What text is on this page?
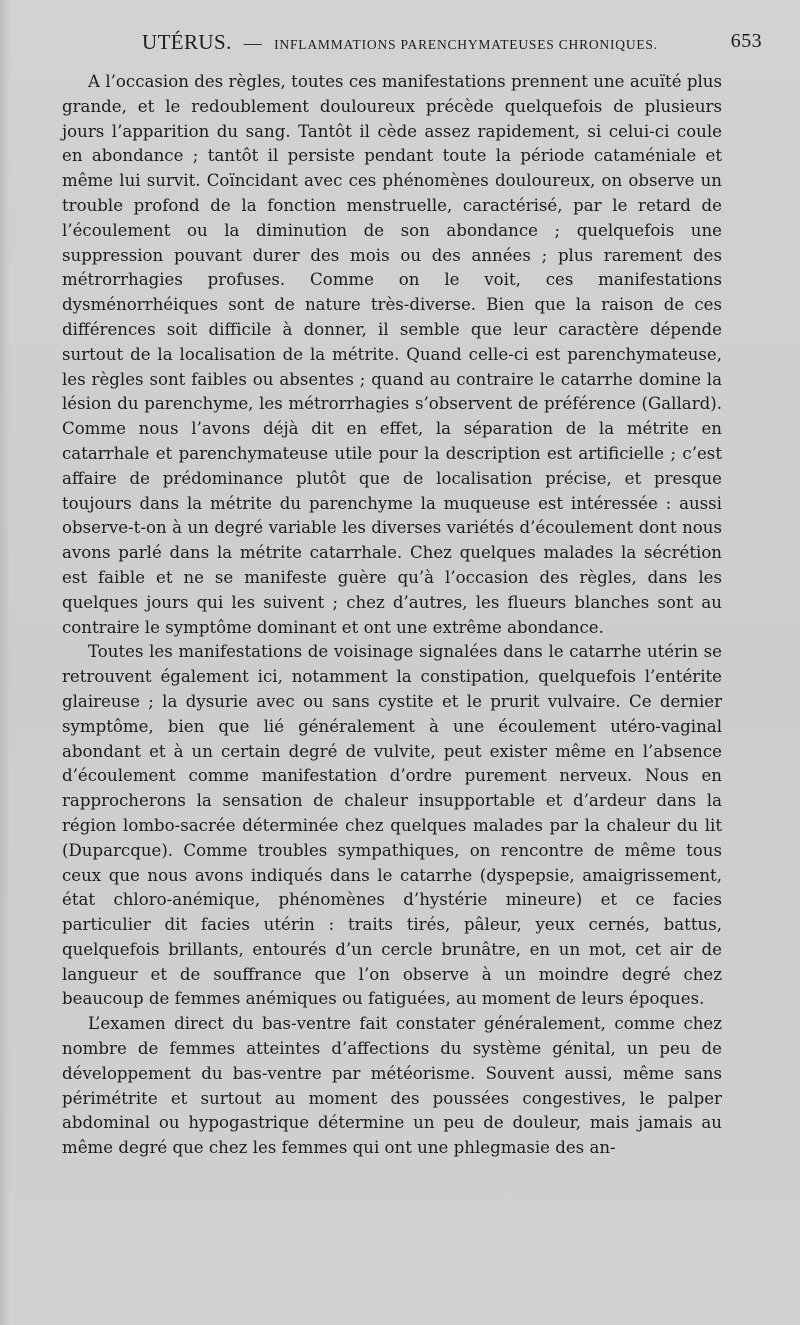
UTÉRUS. — INFLAMMATIONS PARENCHYMATEUSES CHRONIQUES.	653

A l’occasion des règles, toutes ces manifestations prennent une acuïté plus grande, et le redoublement douloureux précède quelquefois de plusieurs jours l’apparition du sang. Tantôt il cède assez rapidement, si celui-ci coule en abondance ; tantôt il persiste pendant toute la période cataméniale et même lui survit. Coïncidant avec ces phénomènes douloureux, on observe un trouble profond de la fonction menstruelle, caractérisé, par le retard de l’écoulement ou la diminution de son abondance ; quelquefois une suppression pouvant durer des mois ou des années ; plus rarement des métrorrhagies profuses. Comme on le voit, ces manifestations dysménorrhéiques sont de nature très-diverse. Bien que la raison de ces différences soit difficile à donner, il semble que leur caractère dépende surtout de la localisation de la métrite. Quand celle-ci est parenchymateuse, les règles sont faibles ou absentes ; quand au contraire le catarrhe domine la lésion du parenchyme, les métrorrhagies s’observent de préférence (Gallard). Comme nous l’avons déjà dit en effet, la séparation de la métrite en catarrhale et parenchymateuse utile pour la description est artificielle ; c’est affaire de prédominance plutôt que de localisation précise, et presque toujours dans la métrite du parenchyme la muqueuse est intéressée : aussi observe-t-on à un degré variable les diverses variétés d’écoulement dont nous avons parlé dans la métrite catarrhale. Chez quelques malades la sécrétion est faible et ne se manifeste guère qu’à l’occasion des règles, dans les quelques jours qui les suivent ; chez d’autres, les flueurs blanches sont au contraire le symptôme dominant et ont une extrême abondance.

Toutes les manifestations de voisinage signalées dans le catarrhe utérin se retrouvent également ici, notamment la constipation, quelquefois l’entérite glaireuse ; la dysurie avec ou sans cystite et le prurit vulvaire. Ce dernier symptôme, bien que lié généralement à une écoulement utéro-vaginal abondant et à un certain degré de vulvite, peut exister même en l’absence d’écoulement comme manifestation d’ordre purement nerveux. Nous en rapprocherons la sensation de chaleur insupportable et d’ardeur dans la région lombo-sacrée déterminée chez quelques malades par la chaleur du lit (Duparcque). Comme troubles sympathiques, on rencontre de même tous ceux que nous avons indiqués dans le catarrhe (dyspepsie, amaigrissement, état chloro-anémique, phénomènes d’hystérie mineure) et ce facies particulier dit facies utérin : traits tirés, pâleur, yeux cernés, battus, quelquefois brillants, entourés d’un cercle brunâtre, en un mot, cet air de langueur et de souffrance que l’on observe à un moindre degré chez beaucoup de femmes anémiques ou fatiguées, au moment de leurs époques.

L’examen direct du bas-ventre fait constater généralement, comme chez nombre de femmes atteintes d’affections du système génital, un peu de développement du bas-ventre par météorisme. Souvent aussi, même sans périmétrite et surtout au moment des poussées congestives, le palper abdominal ou hypogastrique détermine un peu de douleur, mais jamais au même degré que chez les femmes qui ont une phlegmasie des an-
